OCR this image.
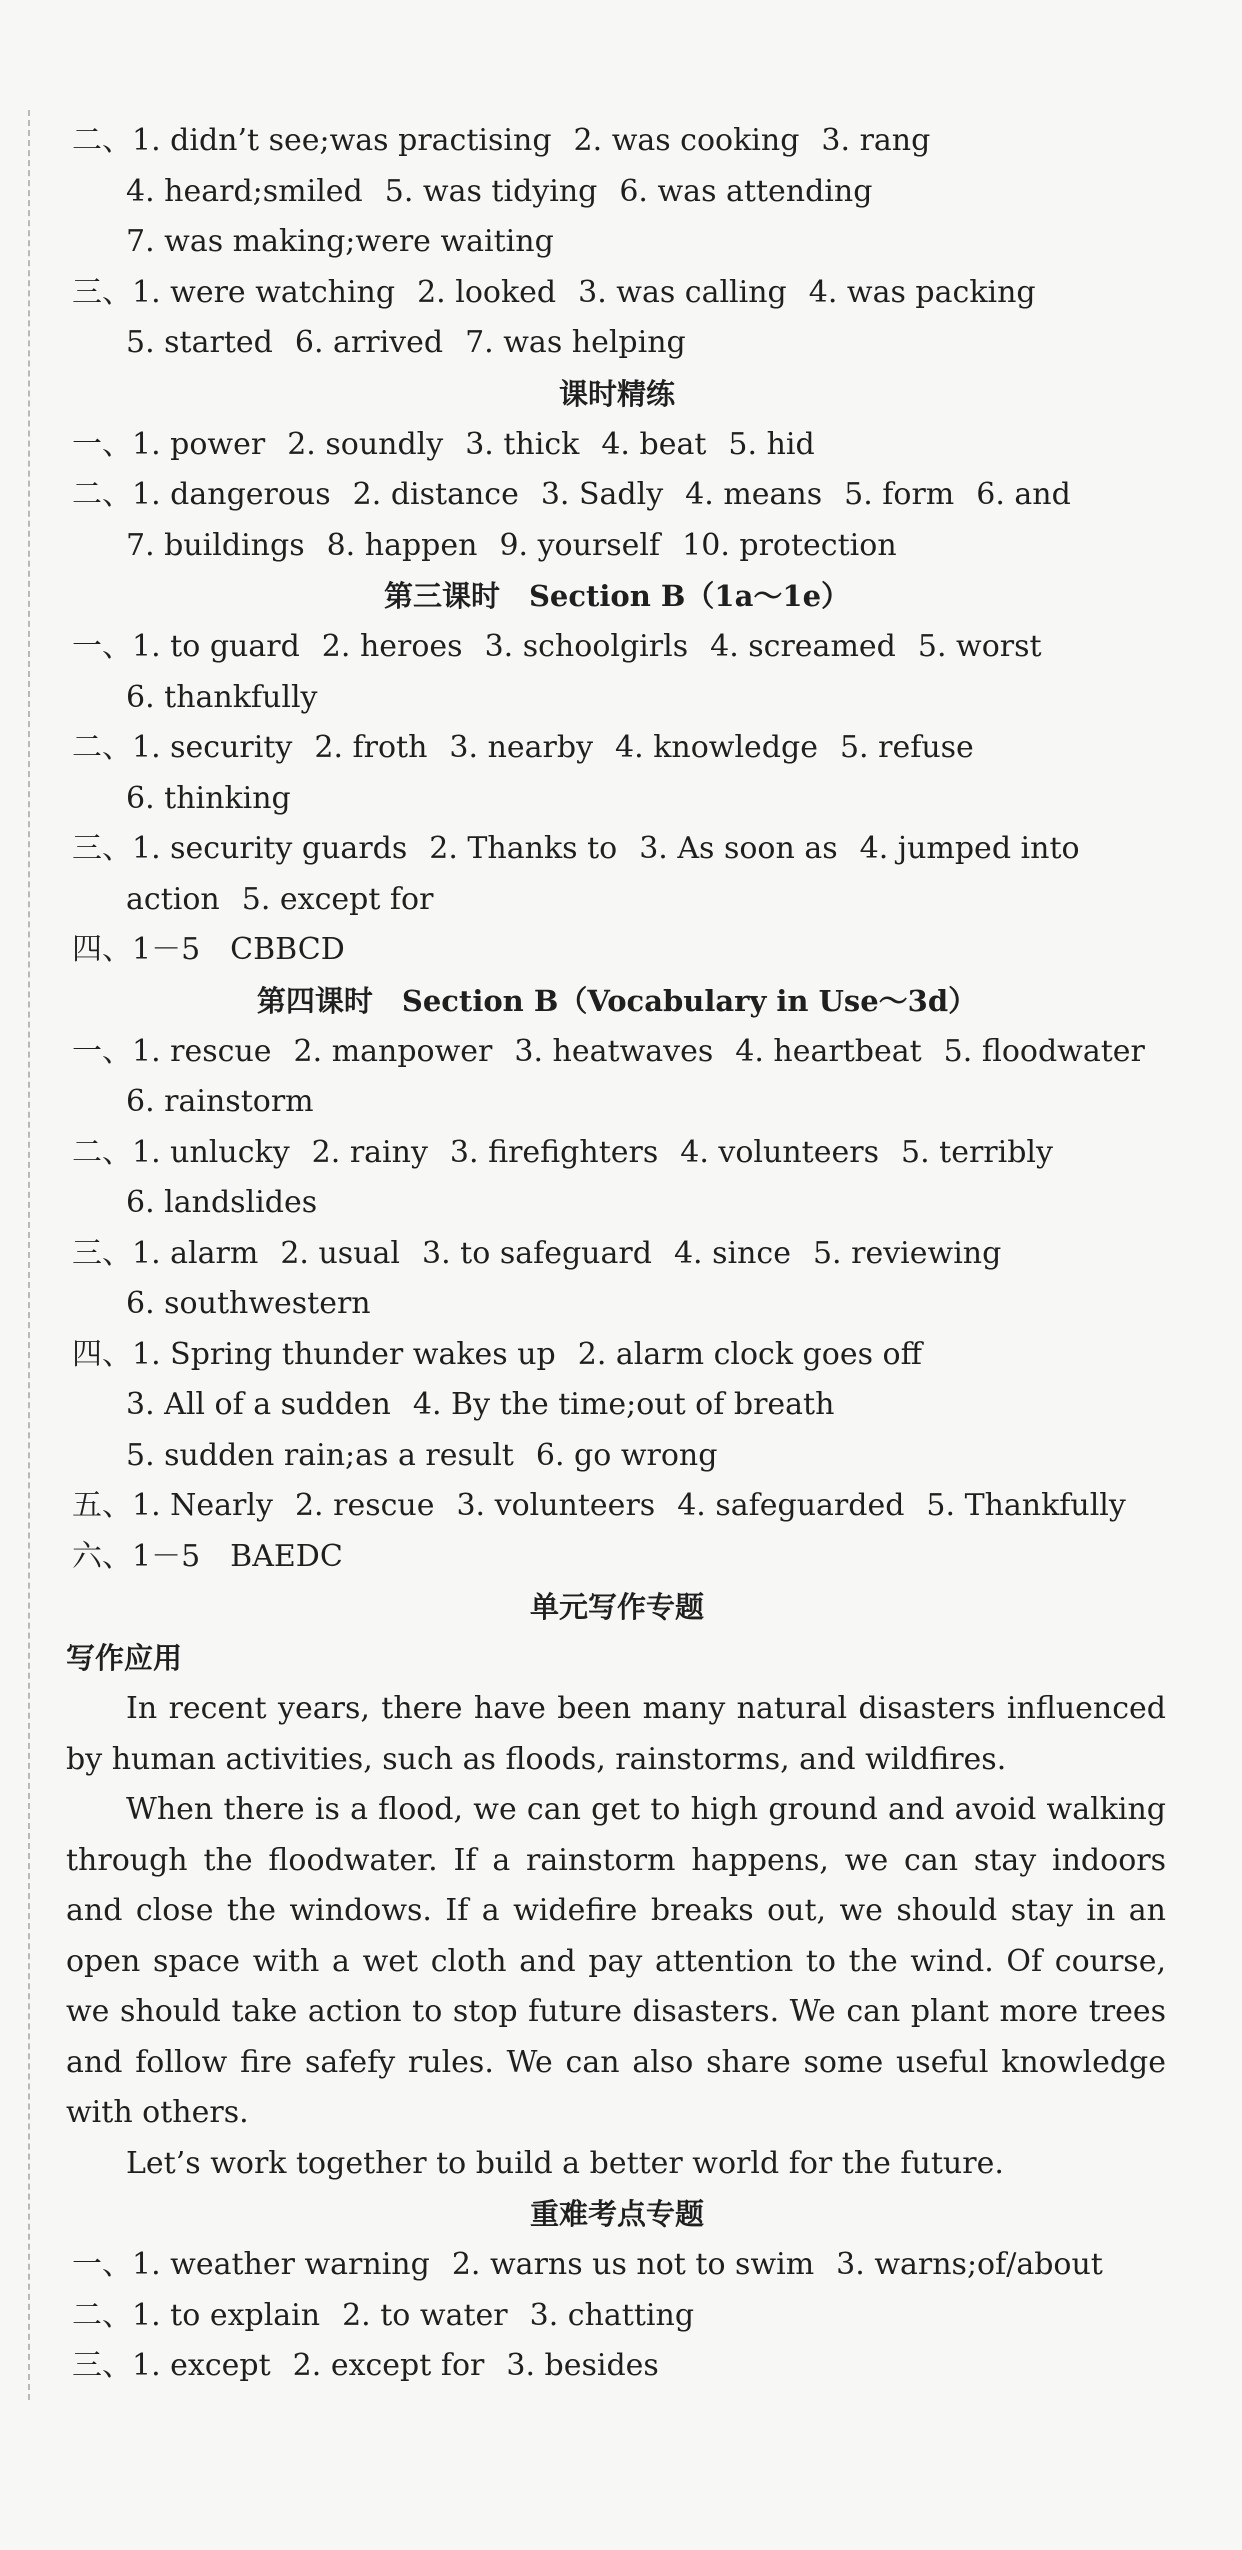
二、1. didn’t see;was practising 2. was cooking 3. rang
4. heard;smiled 5. was tidying 6. was attending
7. was making;were waiting
三、1. were watching 2. looked 3. was calling 4. was packing
5. started 6. arrived 7. was helping
课时精练
一、1. power 2. soundly 3. thick 4. beat 5. hid
二、1. dangerous 2. distance 3. Sadly 4. means 5. form 6. and
7. buildings 8. happen 9. yourself 10. protection
第三课时　Section B（1a～1e）
一、1. to guard 2. heroes 3. schoolgirls 4. screamed 5. worst
6. thankfully
二、1. security 2. froth 3. nearby 4. knowledge 5. refuse
6. thinking
三、1. security guards 2. Thanks to 3. As soon as 4. jumped into
action 5. except for
四、1－5　CBBCD
第四课时　Section B（Vocabulary in Use～3d）
一、1. rescue 2. manpower 3. heatwaves 4. heartbeat 5. floodwater
6. rainstorm
二、1. unlucky 2. rainy 3. firefighters 4. volunteers 5. terribly
6. landslides
三、1. alarm 2. usual 3. to safeguard 4. since 5. reviewing
6. southwestern
四、1. Spring thunder wakes up 2. alarm clock goes off
3. All of a sudden 4. By the time;out of breath
5. sudden rain;as a result 6. go wrong
五、1. Nearly 2. rescue 3. volunteers 4. safeguarded 5. Thankfully
六、1－5　BAEDC
单元写作专题
写作应用

In recent years, there have been many natural disasters influenced by human activities, such as floods, rainstorms, and wildfires.

When there is a flood, we can get to high ground and avoid walking through the floodwater. If a rainstorm happens, we can stay indoors and close the windows. If a widefire breaks out, we should stay in an open space with a wet cloth and pay attention to the wind. Of course, we should take action to stop future disasters. We can plant more trees and follow fire safefy rules. We can also share some useful knowledge with others.

Let’s work together to build a better world for the future.

重难考点专题
一、1. weather warning 2. warns us not to swim 3. warns;of/about
二、1. to explain 2. to water 3. chatting
三、1. except 2. except for 3. besides
